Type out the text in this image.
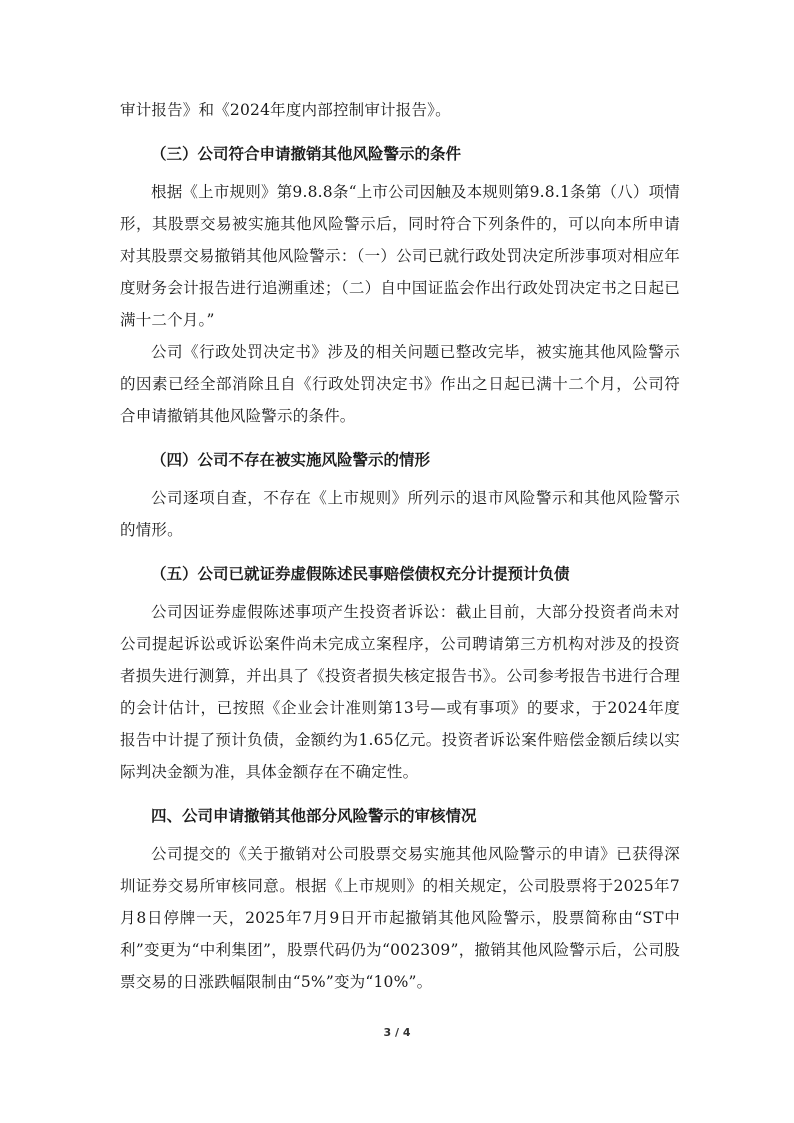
审计报告》和《2024年度内部控制审计报告》。

（三）公司符合申请撤销其他风险警示的条件

根据《上市规则》第9.8.8条“上市公司因触及本规则第9.8.1条第（八）项情形，其股票交易被实施其他风险警示后，同时符合下列条件的，可以向本所申请对其股票交易撤销其他风险警示：（一）公司已就行政处罚决定所涉事项对相应年度财务会计报告进行追溯重述；（二）自中国证监会作出行政处罚决定书之日起已满十二个月。”

公司《行政处罚决定书》涉及的相关问题已整改完毕，被实施其他风险警示的因素已经全部消除且自《行政处罚决定书》作出之日起已满十二个月，公司符合申请撤销其他风险警示的条件。

（四）公司不存在被实施风险警示的情形

公司逐项自查，不存在《上市规则》所列示的退市风险警示和其他风险警示的情形。

（五）公司已就证券虚假陈述民事赔偿债权充分计提预计负债

公司因证券虚假陈述事项产生投资者诉讼：截止目前，大部分投资者尚未对公司提起诉讼或诉讼案件尚未完成立案程序，公司聘请第三方机构对涉及的投资者损失进行测算，并出具了《投资者损失核定报告书》。公司参考报告书进行合理的会计估计，已按照《企业会计准则第13号—或有事项》的要求，于2024年度报告中计提了预计负债，金额约为1.65亿元。投资者诉讼案件赔偿金额后续以实际判决金额为准，具体金额存在不确定性。

四、公司申请撤销其他部分风险警示的审核情况

公司提交的《关于撤销对公司股票交易实施其他风险警示的申请》已获得深圳证券交易所审核同意。根据《上市规则》的相关规定，公司股票将于2025年7月8日停牌一天，2025年7月9日开市起撤销其他风险警示，股票简称由“ST中利”变更为“中利集团”，股票代码仍为“002309”，撤销其他风险警示后，公司股票交易的日涨跌幅限制由“5%”变为“10%”。

3 / 4
